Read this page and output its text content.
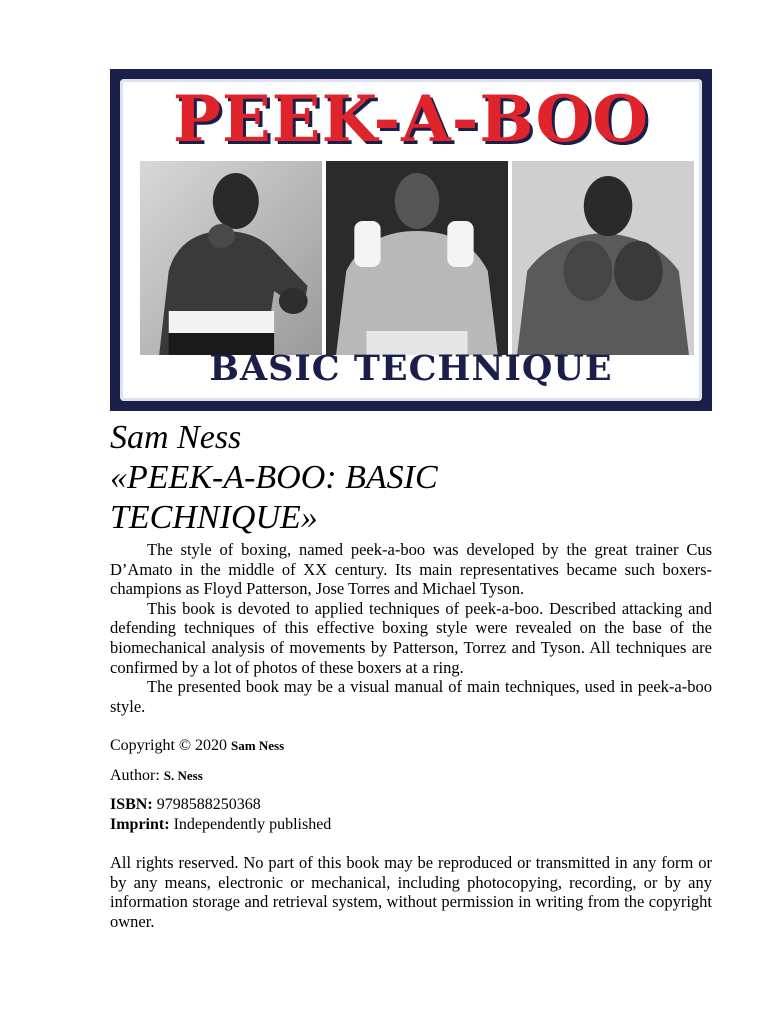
PEEK-A-BOO
BASIC TECHNIQUE
Sam Ness
«PEEK-A-BOO: BASIC
TECHNIQUE»

The style of boxing, named peek-a-boo was developed by the great trainer Cus D’Amato in the middle of XX century. Its main representatives became such boxers-champions as Floyd Patterson, Jose Torres and Michael Tyson.

This book is devoted to applied techniques of peek-a-boo. Described attacking and defending techniques of this effective boxing style were revealed on the base of the biomechanical analysis of movements by Patterson, Torrez and Tyson. All techniques are confirmed by a lot of photos of these boxers at a ring.

The presented book may be a visual manual of main techniques, used in peek-a-boo style.

Copyright © 2020 Sam Ness
Author: S. Ness
ISBN: 9798588250368
Imprint: Independently published

All rights reserved. No part of this book may be reproduced or transmitted in any form or by any means, electronic or mechanical, including photocopying, recording, or by any information storage and retrieval system, without permission in writing from the copyright owner.
